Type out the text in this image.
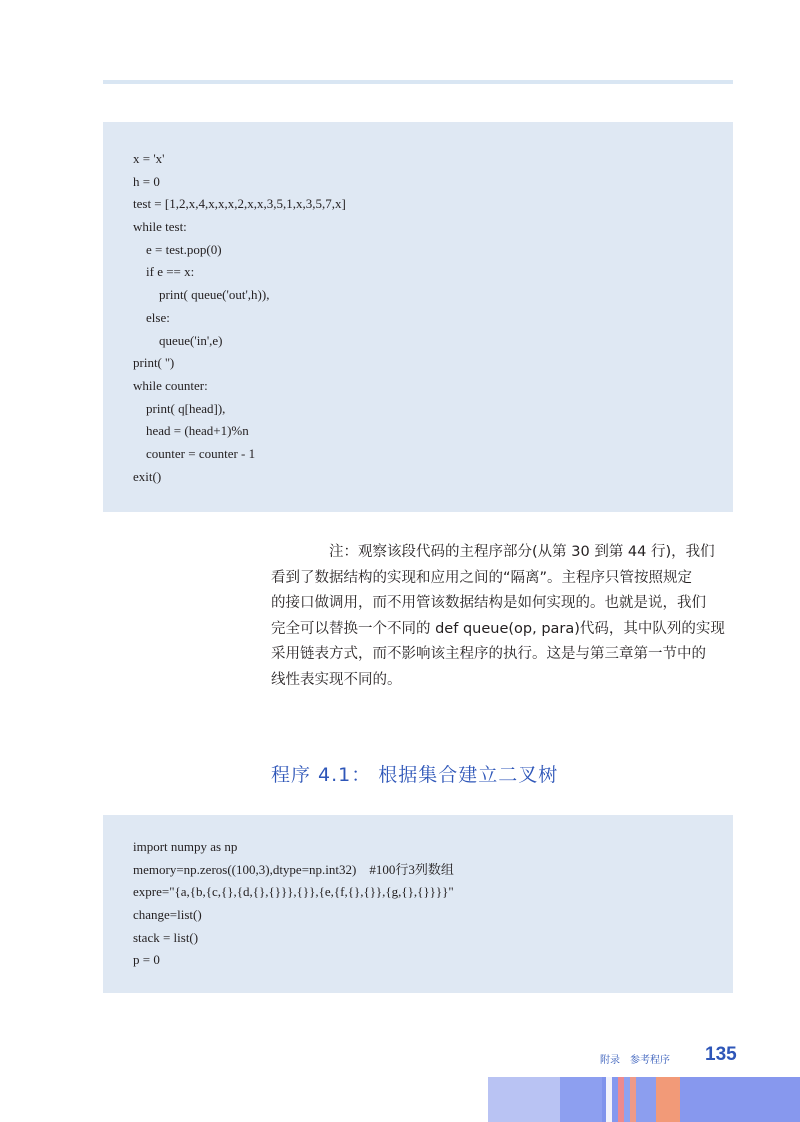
x = 'x'
h = 0
test = [1,2,x,4,x,x,x,2,x,x,3,5,1,x,3,5,7,x]
while test:
e = test.pop(0)
if e == x:
print( queue('out',h)),
else:
queue('in',e)
print( '')
while counter:
print( q[head]),
head = (head+1)%n
counter = counter - 1
exit()

注：观察该段代码的主程序部分(从第 30 到第 44 行)，我们

看到了数据结构的实现和应用之间的“隔离”。主程序只管按照规定

的接口做调用，而不用管该数据结构是如何实现的。也就是说，我们

完全可以替换一个不同的 def queue(op, para)代码，其中队列的实现

采用链表方式，而不影响该主程序的执行。这是与第三章第一节中的

线性表实现不同的。

程序 4.1： 根据集合建立二叉树
import numpy as np
memory=np.zeros((100,3),dtype=np.int32)    #100行3列数组
expre="{a,{b,{c,{},{d,{},{}}},{}},{e,{f,{},{}},{g,{},{}}}}"
change=list()
stack = list()
p = 0
附录　参考程序 135
